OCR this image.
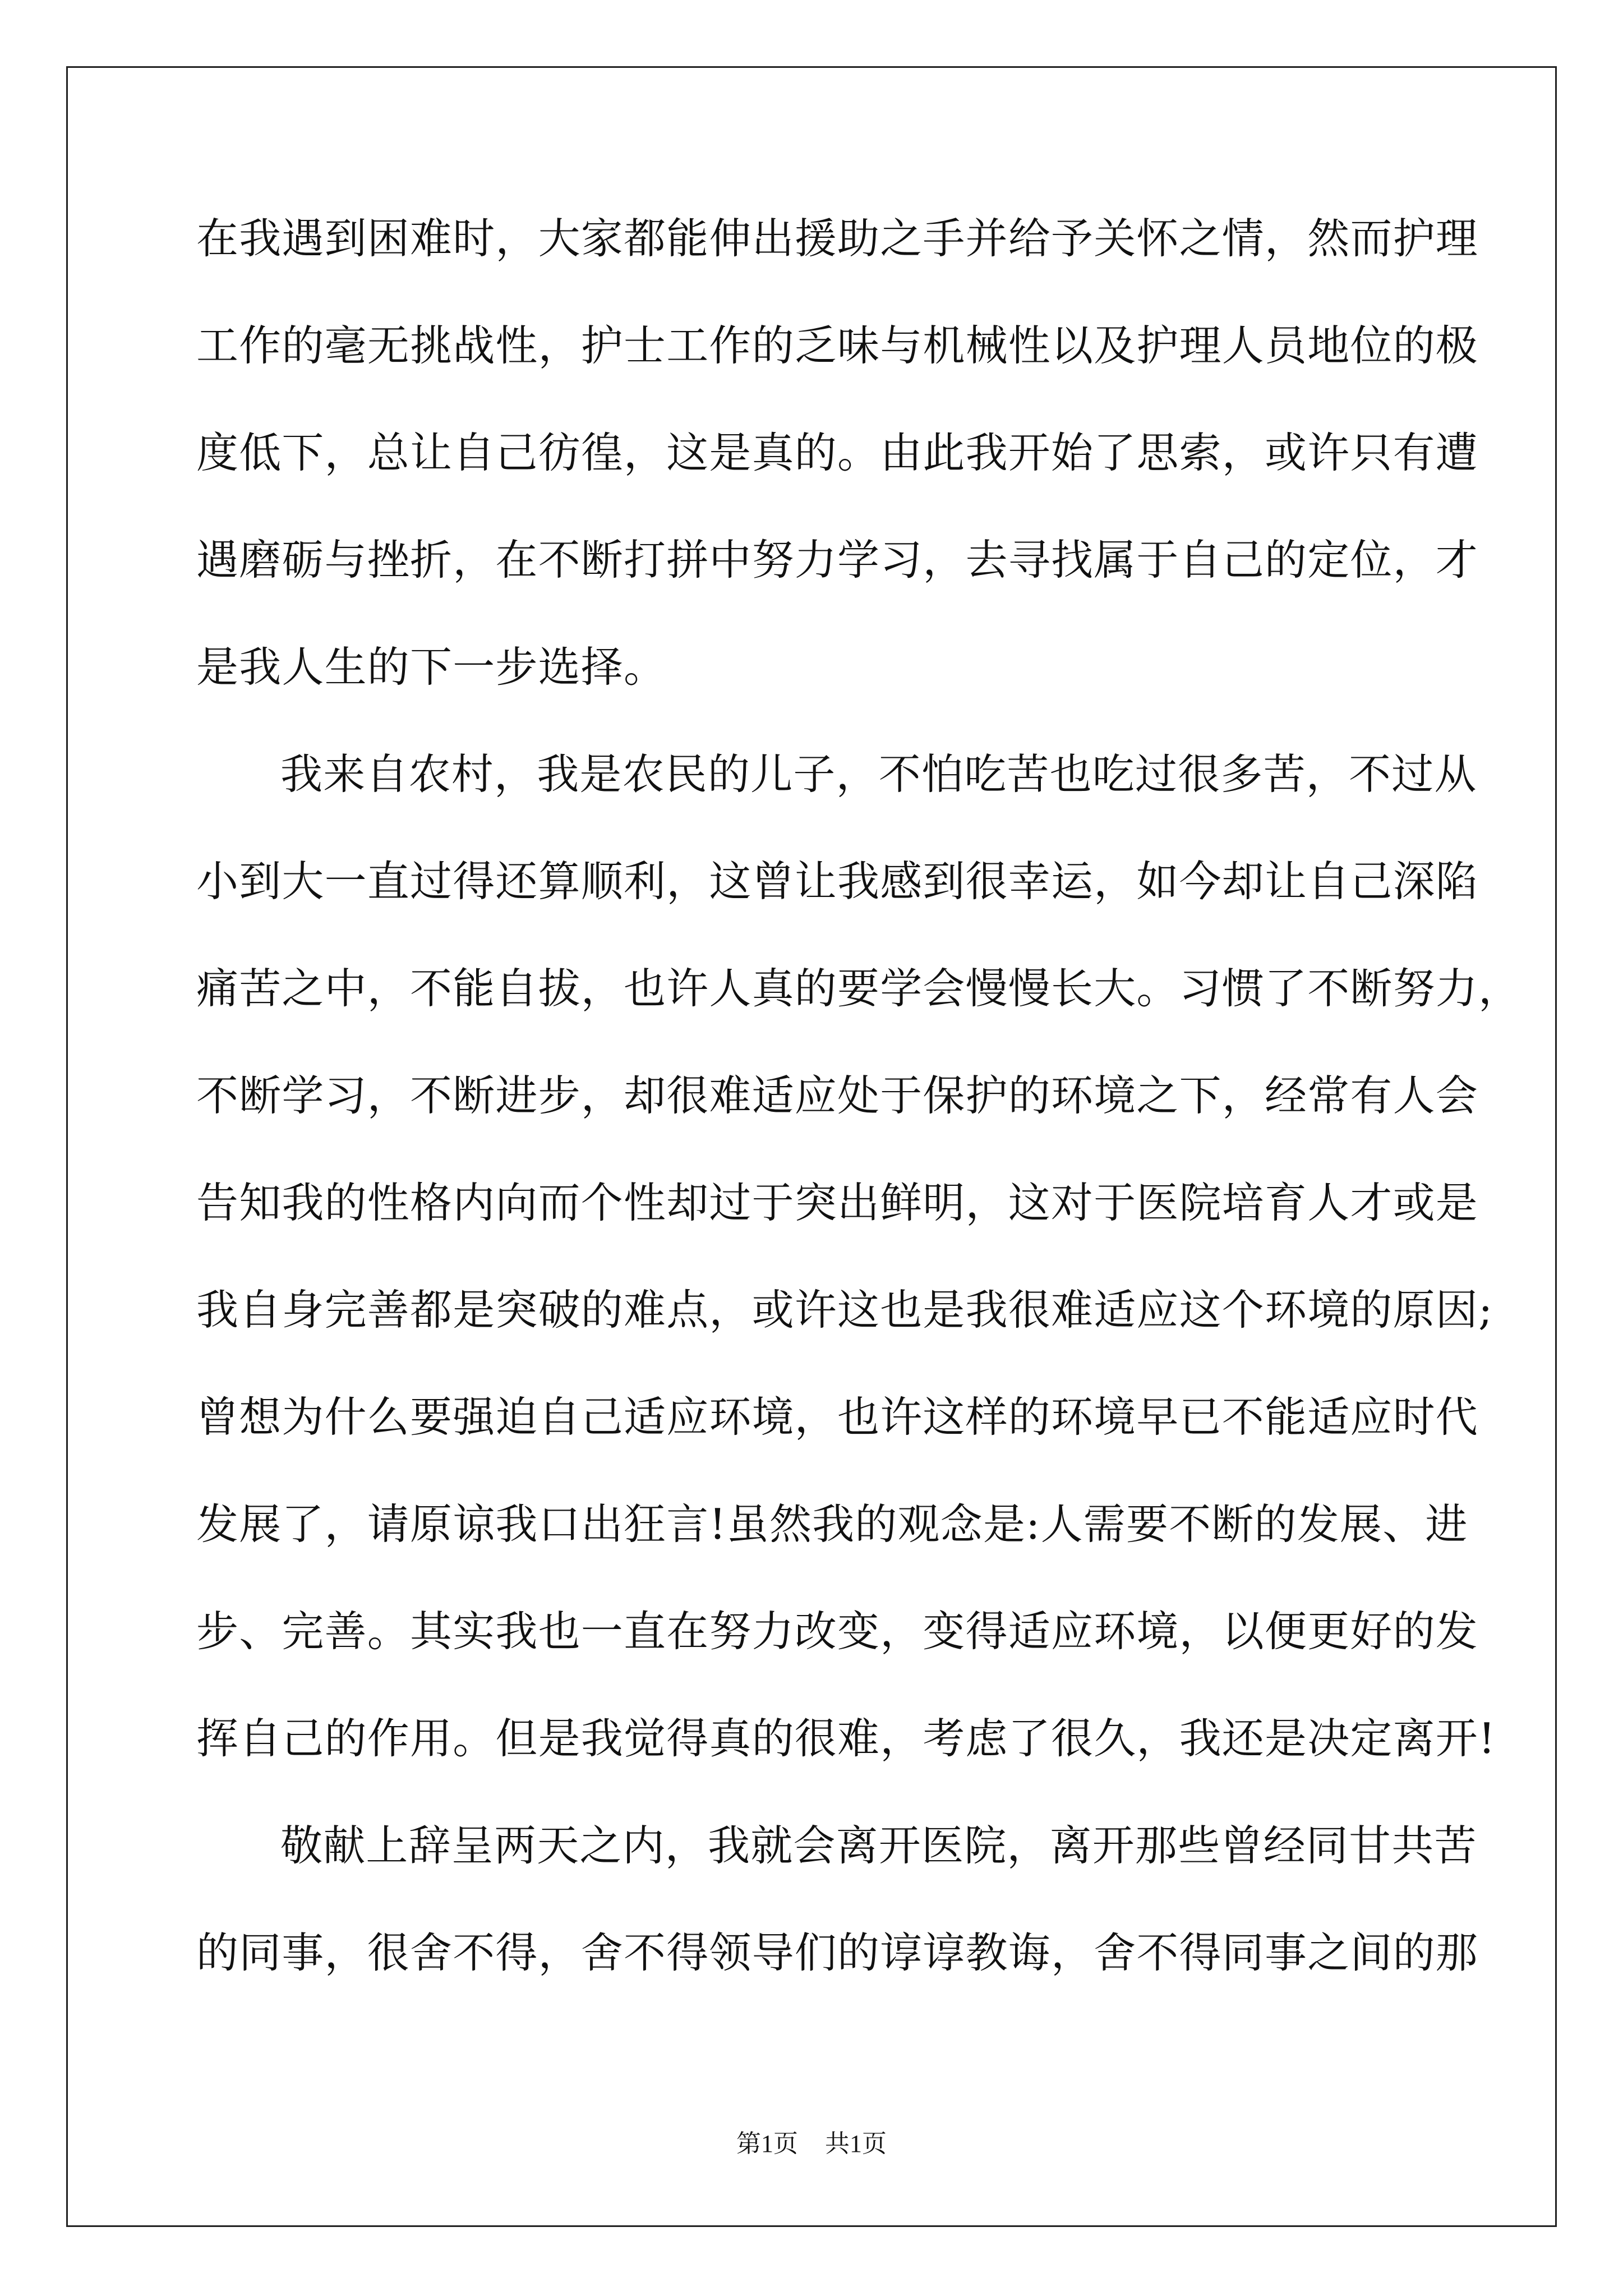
在我遇到困难时，大家都能伸出援助之手并给予关怀之情，然而护理
工作的毫无挑战性，护士工作的乏味与机械性以及护理人员地位的极
度低下，总让自己彷徨，这是真的。由此我开始了思索，或许只有遭
遇磨砺与挫折，在不断打拼中努力学习，去寻找属于自己的定位，才
是我人生的下一步选择。
我来自农村，我是农民的儿子，不怕吃苦也吃过很多苦，不过从
小到大一直过得还算顺利，这曾让我感到很幸运，如今却让自己深陷
痛苦之中，不能自拔，也许人真的要学会慢慢长大。习惯了不断努力，
不断学习，不断进步，却很难适应处于保护的环境之下，经常有人会
告知我的性格内向而个性却过于突出鲜明，这对于医院培育人才或是
我自身完善都是突破的难点，或许这也是我很难适应这个环境的原因;
曾想为什么要强迫自己适应环境，也许这样的环境早已不能适应时代
发展了，请原谅我口出狂言!虽然我的观念是:人需要不断的发展、进
步、完善。其实我也一直在努力改变，变得适应环境，以便更好的发
挥自己的作用。但是我觉得真的很难，考虑了很久，我还是决定离开!
敬献上辞呈两天之内，我就会离开医院，离开那些曾经同甘共苦
的同事，很舍不得，舍不得领导们的谆谆教诲，舍不得同事之间的那
第1页 共1页
